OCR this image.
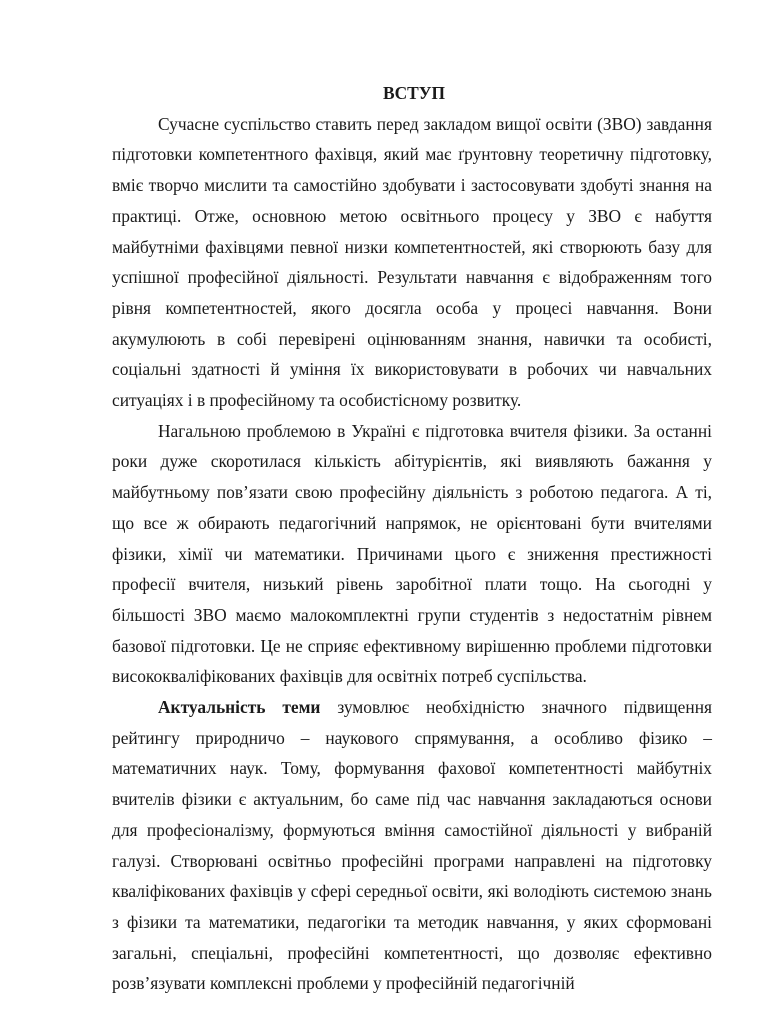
ВСТУП

Сучасне суспільство ставить перед закладом вищої освіти (ЗВО) завдання підготовки компетентного фахівця, який має ґрунтовну теоретичну підготовку, вміє творчо мислити та самостійно здобувати і застосовувати здобуті знання на практиці. Отже, основною метою освітнього процесу у ЗВО є набуття майбутніми фахівцями певної низки компетентностей, які створюють базу для успішної професійної діяльності. Результати навчання є відображенням того рівня компетентностей, якого досягла особа у процесі навчання. Вони акумулюють в собі перевірені оцінюванням знання, навички та особисті, соціальні здатності й уміння їх використовувати в робочих чи навчальних ситуаціях і в професійному та особистісному розвитку.

Нагальною проблемою в Україні є підготовка вчителя фізики. За останні роки дуже скоротилася кількість абітурієнтів, які виявляють бажання у майбутньому пов’язати свою професійну діяльність з роботою педагога. А ті, що все ж обирають педагогічний напрямок, не орієнтовані бути вчителями фізики, хімії чи математики. Причинами цього є зниження престижності професії вчителя, низький рівень заробітної плати тощо. На сьогодні у більшості ЗВО маємо малокомплектні групи студентів з недостатнім рівнем базової підготовки. Це не сприяє ефективному вирішенню проблеми підготовки висококваліфікованих фахівців для освітніх потреб суспільства.

Актуальність теми зумовлює необхідністю значного підвищення рейтингу природничо – наукового спрямування, а особливо фізико – математичних наук. Тому, формування фахової компетентності майбутніх вчителів фізики є актуальним, бо саме під час навчання закладаються основи для професіоналізму, формуються вміння самостійної діяльності у вибраній галузі. Створювані освітньо професійні програми направлені на підготовку кваліфікованих фахівців у сфері середньої освіти, які володіють системою знань з фізики та математики, педагогіки та методик навчання, у яких сформовані загальні, спеціальні, професійні компетентності, що дозволяє ефективно розв’язувати комплексні проблеми у професійній педагогічній
